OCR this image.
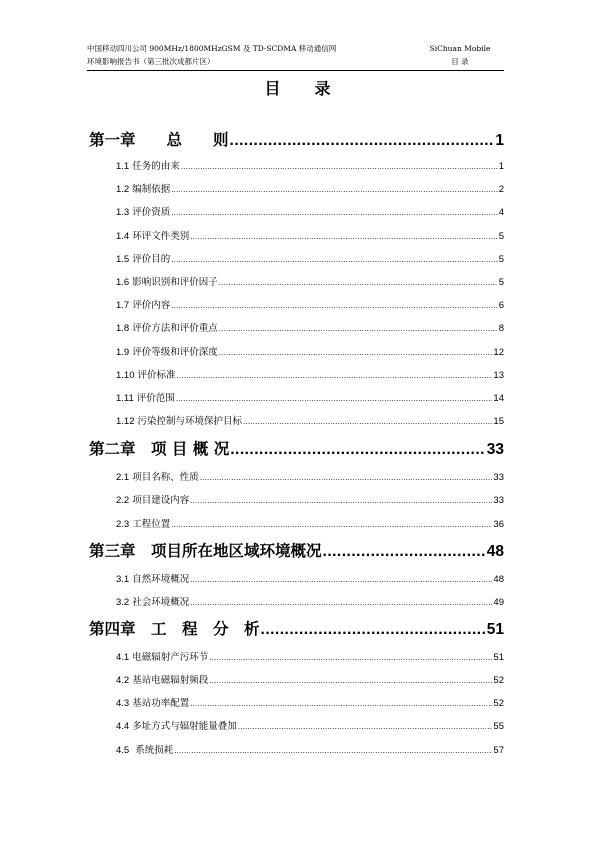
中国移动四川公司 900MHz/1800MHzGSM 及 TD-SCDMA 移动通信网
环境影响报告书（第三批次成都片区）
SiChuan Mobile
目 录
目录
第一章　　总　　则 .....	1
1.1 任务的由来 .....	1
1.2 编制依据 .....	2
1.3 评价资质 .....	4
1.4 环评文件类别 .....	5
1.5 评价目的 .....	5
1.6 影响识别和评价因子 .....	5
1.7 评价内容 .....	6
1.8 评价方法和评价重点 .....	8
1.9 评价等级和评价深度 .....	12
1.10 评价标准 .....	13
1.11 评价范围 .....	14
1.12 污染控制与环境保护目标 .....	15
第二章　项 目 概 况 .....	33
2.1 项目名称、性质 .....	33
2.2 项目建设内容 .....	33
2.3 工程位置 .....	36
第三章　项目所在地区域环境概况 .....	48
3.1 自然环境概况 .....	48
3.2 社会环境概况 .....	49
第四章　工　程　分　析 .....	51
4.1 电磁辐射产污环节 .....	51
4.2 基站电磁辐射频段 .....	52
4.3 基站功率配置 .....	52
4.4 多址方式与辐射能量叠加 .....	55
4.5 系统损耗 .....	57
